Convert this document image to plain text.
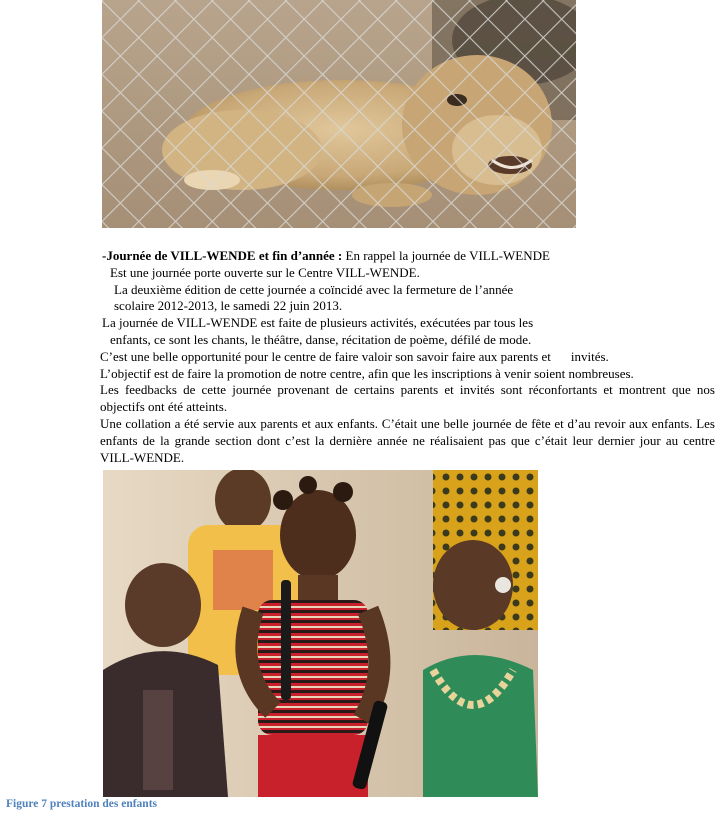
-Journée de VILL-WENDE et fin d’année : En rappel la journée de VILL-WENDE

Est une journée porte ouverte sur le Centre VILL-WENDE.

La deuxième édition de cette journée a coïncidé avec la fermeture de l’année

scolaire 2012-2013, le samedi 22 juin 2013.

La journée de VILL-WENDE est faite de plusieurs activités, exécutées par tous les

enfants, ce sont les chants, le théâtre, danse, récitation de poème, défilé de mode.

C’est une belle opportunité pour le centre de faire valoir son savoir faire aux parents et invités.

L’objectif est de faire la promotion de notre centre, afin que les inscriptions à venir soient nombreuses.

Les feedbacks de cette journée provenant de certains parents et invités sont réconfortants et montrent que nos objectifs ont été atteints.

Une collation a été servie aux parents et aux enfants. C’était une belle journée de fête et d’au revoir aux enfants. Les enfants de la grande section dont c’est la dernière année ne réalisaient pas que c’était leur dernier jour au centre VILL-WENDE.

Figure 7 prestation des enfants
